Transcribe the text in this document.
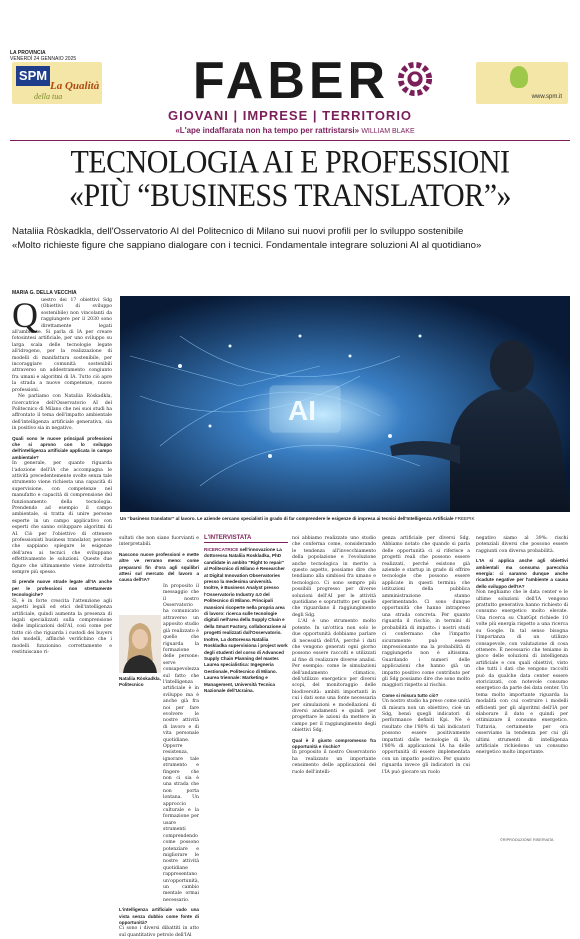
LA PROVINCIA
VENERDÌ 24 GENNAIO 2025
SPM
La Qualità
della tua	FABER	www.spm.it
GIOVANI | IMPRESE | TERRITORIO
«L'ape indaffarata non ha tempo per rattristarsi» WILLIAM BLAKE
TECNOLOGIA AI E PROFESSIONI
«PIÙ “BUSINESS TRANSLATOR”»

Nataliia Ròskadkla, dell'Osservatorio AI del Politecnico di Milano sui nuovi profili per lo sviluppo sostenibile

«Molto richieste figure che sappiano dialogare con i tecnici. Fondamentale integrare soluzioni AI al quotidiano»

MARIA G. DELLA VECCHIA

Questro dei 17 obiettivi Sdg (Obiettivi di sviluppo sostenibile) non vincolanti da raggiungere per il 2030 sono direttamente legati all'ambiente. Si parla di IA per creare fotosintesi artificiale, per uno sviluppo su larga scala delle tecnologie legate all'idrogeno, per la realizzazione di modelli di manifattura sostenibile, per incoraggiare comunità sostenibili attraverso un addestramento congiunto fra umani e algoritmi di IA. Tutto ciò apre la strada a nuove competenze, nuove professioni.

Ne parliamo con Nataliia Ròskadkla, ricercatrice dell'Osservatorio AI del Politecnico di Milano che nei suoi studi ha affrontato il tema dell'impatto ambientale dell'intelligenza artificiale generativa, sia in positivo sia in negativo.

Quali sono le nuove principali professioni che si aprono con lo sviluppo dell'intelligenza artificiale applicata in campo ambientale?

In generale, per quanto riguarda l'adozione dell'IA che accompagna le attività precedentemente svolte senza tale strumento viene richiesta una capacità di supervisione, con competenze nel manufatto e capacità di comprensione del funzionamento della tecnologia. Prendendo ad esempio il campo ambientale, si tratta di unire persone esperte in un campo applicativo con esperti che sanno sviluppare algoritmi di AI. Ciò per l'obiettivo di ottenere professionisti business translator, persone che sappiano spiegare le esigenze dell'area ai tecnici che sviluppano effettivamente le soluzioni. Queste due figure che ultimamente viene introdotta sempre più spesso.

Si prende nuove strade legate all'IA anche per le professioni non strettamente tecnologiche?

Sì, è in forte crescita l'attenzione agli aspetti legali ed etici dell'intelligenza artificiale, quindi aumenta la presenza di legali specializzati sulla comprensione delle implicazioni dell'AI, così come per tutto ciò che riguarda i custodi dei buyers dei modelli, affinché verifichino che i modelli funzionino correttamente e restituiscano ri-

AI
Un “business translator” al lavoro. Le aziende cercano specialisti in grado di far comprendere le esigenze di impresa ai tecnici dell'Intelligenza Artificiale FREEPIK

sultati che non siano fuorvianti e interpretabili.

Nascono nuove professioni e mette altre ve rerramo meno: come prepararsi fin d'ora agli squilibri attesi sul mercato del lavoro a causa dell'IA?

In proposito il messaggio che il nostro Osservatorio ha comunicato attraverso un apposito studio già realizzato è quello che riguarda la formazione delle persone: serve consapevolezza sul fatto che l'intelligenza artificiale è in sviluppo ma è anche già fra noi per fare evolvere le nostre attività di lavoro e di vita personale quotidiane. Opporre resistenza, ignorare tale strumento e fingere che non ci sia è una strada che non porta lontana. Un approccio culturale e la formazione per usare strumenti comprendendo come possono potenziare e migliorare le nostre attività quotidiane rappresentano un'opportunità, un cambio mentale ormai necessario.

L'intelligenza artificiale vado una vista senza dubbio come fonte di opportunità?

Ci sono i diversi dibattiti in atto sul quantitativo petrolo dell'IAl

Nataliia Ròskadkla, Politecnico
L'INTERVISTATA
RICERCATRICE nell'innovazione La dottoressa Nataliia Roskladka, PhD candidate in ambito "Right to repair" al Politecnico di Milano è Researcher at Digital Innovation Observatories presso la medesima università. Inoltre, è Business Analyst presso l'Osservatorio Industry 4.0 del Politecnico di Milano. Principali mansioni ricoperte nella propria area di lavoro: ricerca sulle tecnologie digitali nell'area della Supply Chain e della Smart Factory, collaborazione ai progetti realizzati dall'Osservatorio. Inoltre, La dottoressa Nataliia Roskladka supervisiona i project work degli studenti del corso di Advanced Supply Chain Planning del master. Laurea specialistica: Ingegneria Gestionale, Politecnico di Milano. Laurea triennale: Marketing e Management, Università Tecnica Nazionale dell'Ucraina.

noi abbiamo realizzato uno studio che conferma come, considerando le tendenza all'invecchiamento della popolazione e l'evoluzione anche tecnologica in merito a questo aspetto, possiamo dire che tendiamo alla simbiosi fra umano e tecnologico. Ci sono sempre più possibili progresso per diverse soluzioni dell'AI per le attività quotidiane e soprattutto per quelle che riguardano il raggiungimento degli Sdg.

L'AI è uno strumento molto potente. In un'ottica non solo le due opportunità dobbiamo parlare di necessità dell'IA, perché i dati che vengono generati ogni giorno possono essere raccolti e utilizzati al fine di realizzare diverse analisi. Per esempio: come le simulazioni dell'andamento climatico, dell'utilizzo energetico per diversi scopi, del monitoraggio delle biodiversità: ambiti importanti in cui i dati sono una fonte necessaria per simulazioni e modellazioni di diversi andamenti e quindi per progettare le azioni da mettere in campo per il raggiungimento degli obiettivi Sdg.

Qual è il giusto compromesso fra opportunità e rischio?

In proposito il nostro Osservatorio ha realizzato un importante censimento delle applicazioni del ruolo dell'intelli-

genza artificiale per diversi Sdg. Abbiamo notato che quando si parla delle opportunità ci si riferisce a progetti reali che possono essere realizzati, perché esistono già aziende e startup in grado di offrire tecnologie che possono essere applicate in questi termini: che istituzioni della pubblica amministrazione stanno sperimentando. Ci sono dunque opportunità che hanno intrapreso una strada concreta. Per quanto riguarda il rischio, in termini di probabilità di impatto: i nostri studi ci confermano che l'impatto sicuramente può essere impressionante ma la probabilità di raggiungerlo non è altissima. Guardando i numeri delle applicazioni che hanno già un impatto positivo come contributo per gli Sdg possiamo dire che sono molto maggiori rispetto al rischio.

Come si misura tutto ciò?

Un nostro studio ha preso come unità di misura non un obiettivo, cioè un Sdg, bensì quegli indicatori di performance definiti Kpi. Ne è risultato che l'80% di tali indicatori possono essere positivamente impattati dalle tecnologie di IA; l'80% di applicazioni IA ha delle opportunità di essere implementata con un impatto positivo. Per quanto riguarda invece gli indicatori in cui l'IA può giocare un ruolo

negativo siamo al 39%: rischi potenziali diversi che possono essere raggiunti con diversa probabilità.

L'IA si applica anche agli obiettivi ambientali ma consuma parecchia energia: ci saranno dunque anche ricadute negative per l'ambiente a causa dello sviluppo dell'IA?

Non neghiamo che le data center e le ultime soluzioni dell'IA vengono prattutto generativa hanno richiesto di consumo energetico molto elevate. Una ricerca su ChatGpt richiede 10 volte più energia rispetto a una ricerca su Google. In tal senso bisogna l'importanza di un utilizzo consapevole, con valutazione di cosa ottenere. È necessario che teniamo in gioco delle soluzioni di intelligenza artificiale e con quali obiettivi, visto che tutti i dati che vengono raccolti può da qualche data center essere storicizzati, con notevole consumo energetico da parte dei data center. Un tema molto importante riguarda la modalità con cui costruire i modelli efficienti per gli algoritmi dell'IA per elaborare il dato e quindi per ottimizzare il consumo energetico. Tuttavia, certamente per ora osserviamo la tendenza per cui gli ultimi strumenti di intelligenza artificiale richiedono un consumo energetico molto importante.

©RIPRODUZIONE RISERVATA
